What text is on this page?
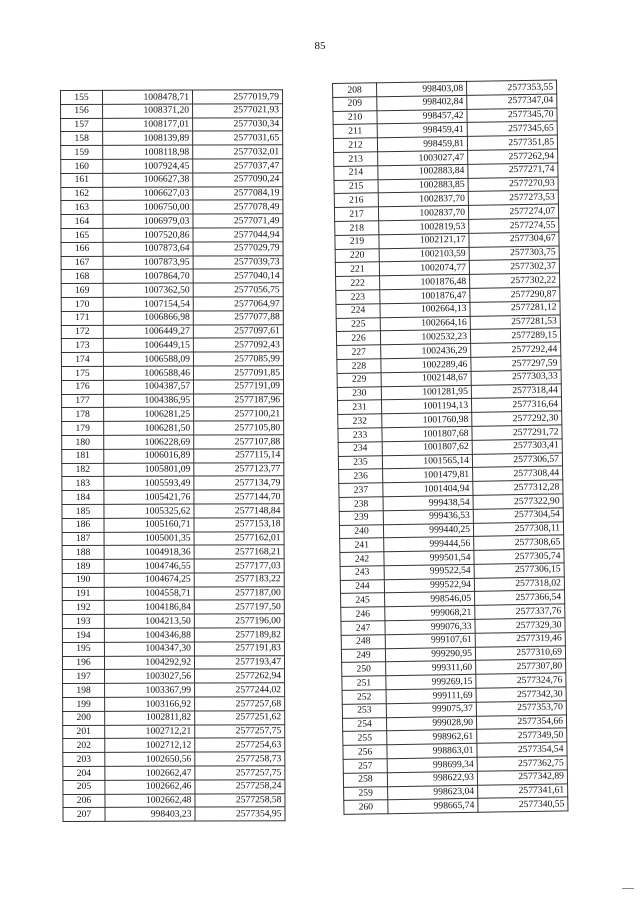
85
155	1008478,71	2577019,79
156	1008371,20	2577021,93
157	1008177,01	2577030,34
158	1008139,89	2577031,65
159	1008118,98	2577032,01
160	1007924,45	2577037,47
161	1006627,38	2577090,24
162	1006627,03	2577084,19
163	1006750,00	2577078,49
164	1006979,03	2577071,49
165	1007520,86	2577044,94
166	1007873,64	2577029,79
167	1007873,95	2577039,73
168	1007864,70	2577040,14
169	1007362,50	2577056,75
170	1007154,54	2577064,97
171	1006866,98	2577077,88
172	1006449,27	2577097,61
173	1006449,15	2577092,43
174	1006588,09	2577085,99
175	1006588,46	2577091,85
176	1004387,57	2577191,09
177	1004386,95	2577187,96
178	1006281,25	2577100,21
179	1006281,50	2577105,80
180	1006228,69	2577107,88
181	1006016,89	2577115,14
182	1005801,09	2577123,77
183	1005593,49	2577134,79
184	1005421,76	2577144,70
185	1005325,62	2577148,84
186	1005160,71	2577153,18
187	1005001,35	2577162,01
188	1004918,36	2577168,21
189	1004746,55	2577177,03
190	1004674,25	2577183,22
191	1004558,71	2577187,00
192	1004186,84	2577197,50
193	1004213,50	2577196,00
194	1004346,88	2577189,82
195	1004347,30	2577191,83
196	1004292,92	2577193,47
197	1003027,56	2577262,94
198	1003367,99	2577244,02
199	1003166,92	2577257,68
200	1002811,82	2577251,62
201	1002712,21	2577257,75
202	1002712,12	2577254,63
203	1002650,56	2577258,73
204	1002662,47	2577257,75
205	1002662,46	2577258,24
206	1002662,48	2577258,58
207	998403,23	2577354,95
208	998403,08	2577353,55
209	998402,84	2577347,04
210	998457,42	2577345,70
211	998459,41	2577345,65
212	998459,81	2577351,85
213	1003027,47	2577262,94
214	1002883,84	2577271,74
215	1002883,85	2577270,93
216	1002837,70	2577273,53
217	1002837,70	2577274,07
218	1002819,53	2577274,55
219	1002121,17	2577304,67
220	1002103,59	2577303,75
221	1002074,77	2577302,37
222	1001876,48	2577302,22
223	1001876,47	2577290,87
224	1002664,13	2577281,12
225	1002664,16	2577281,53
226	1002532,23	2577289,15
227	1002436,29	2577292,44
228	1002289,46	2577297,59
229	1002148,67	2577303,33
230	1001281,95	2577318,44
231	1001194,13	2577316,64
232	1001760,98	2577292,30
233	1001807,68	2577291,72
234	1001807,62	2577303,41
235	1001565,14	2577306,57
236	1001479,81	2577308,44
237	1001404,94	2577312,28
238	999438,54	2577322,90
239	999436,53	2577304,54
240	999440,25	2577308,11
241	999444,56	2577308,65
242	999501,54	2577305,74
243	999522,54	2577306,15
244	999522,94	2577318,02
245	998546,05	2577366,54
246	999068,21	2577337,76
247	999076,33	2577329,30
248	999107,61	2577319,46
249	999290,95	2577310,69
250	999311,60	2577307,80
251	999269,15	2577324,76
252	999111,69	2577342,30
253	999075,37	2577353,70
254	999028,90	2577354,66
255	998962,61	2577349,50
256	998863,01	2577354,54
257	998699,34	2577362,75
258	998622,93	2577342,89
259	998623,04	2577341,61
260	998665,74	2577340,55
